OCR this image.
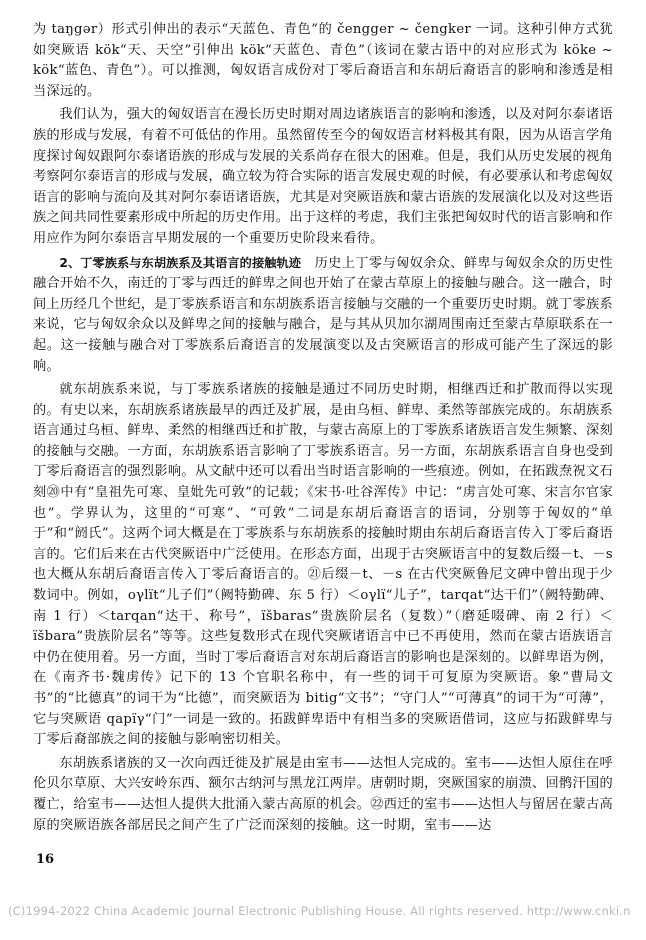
为 taŋgər）形式引伸出的表示“天蓝色、青色”的 čengger ~ čengker 一词。这种引伸方式犹如突厥语 kök“天、天空”引伸出 kök“天蓝色、青色”（该词在蒙古语中的对应形式为 köke ~ kök“蓝色、青色”）。可以推测，匈奴语言成份对丁零后裔语言和东胡后裔语言的影响和渗透是相当深远的。

我们认为，强大的匈奴语言在漫长历史时期对周边诸族语言的影响和渗透，以及对阿尔泰诸语族的形成与发展，有着不可低估的作用。虽然留传至今的匈奴语言材料极其有限，因为从语言学角度探讨匈奴跟阿尔泰诸语族的形成与发展的关系尚存在很大的困难。但是，我们从历史发展的视角考察阿尔泰语言的形成与发展，确立较为符合实际的语言发展史观的时候，有必要承认和考虑匈奴语言的影响与流向及其对阿尔泰语诸语族，尤其是对突厥语族和蒙古语族的发展演化以及对这些语族之间共同性要素形成中所起的历史作用。出于这样的考虑，我们主张把匈奴时代的语言影响和作用应作为阿尔泰语言早期发展的一个重要历史阶段来看待。

2、丁零族系与东胡族系及其语言的接触轨迹　 历史上丁零与匈奴余众、鲜卑与匈奴余众的历史性融合开始不久，南迁的丁零与西迁的鲜卑之间也开始了在蒙古草原上的接触与融合。这一融合，时间上历经几个世纪，是丁零族系语言和东胡族系语言接触与交融的一个重要历史时期。就丁零族系来说，它与匈奴余众以及鲜卑之间的接触与融合，是与其从贝加尔湖周围南迁至蒙古草原联系在一起。这一接触与融合对丁零族系后裔语言的发展演变以及古突厥语言的形成可能产生了深远的影响。

就东胡族系来说，与丁零族系诸族的接触是通过不同历史时期，相继西迁和扩散而得以实现的。有史以来，东胡族系诸族最早的西迁及扩展，是由乌桓、鲜卑、柔然等部族完成的。东胡族系语言通过乌桓、鲜卑、柔然的相继西迁和扩散，与蒙古高原上的丁零族系诸族语言发生频繁、深刻的接触与交融。一方面，东胡族系语言影响了丁零族系语言。另一方面，东胡族系语言自身也受到丁零后裔语言的强烈影响。从文献中还可以看出当时语言影响的一些痕迹。例如，在拓跋焘祝文石刻⑳中有“皇祖先可寒、皇妣先可敦”的记载；《宋书·吐谷浑传》中记：“虏言处可寒、宋言尔官家也”。学界认为，这里的“可寒”、“可敦”二词是东胡后裔语言的语词，分别等于匈奴的“单于”和“阏氏”。这两个词大概是在丁零族系与东胡族系的接触时期由东胡后裔语言传入丁零后裔语言的。它们后来在古代突厥语中广泛使用。在形态方面，出现于古突厥语言中的复数后缀－t、－s 也大概从东胡后裔语言传入丁零后裔语言的。㉑后缀－t、－s 在古代突厥鲁尼文碑中曾出现于少数词中。例如，oγlït“儿子们”（阙特勤碑、东 5 行）＜oγlï“儿子”，tarqat“达干们”（阙特勤碑、南 1 行）＜tarqan“达干、称号”，ïšbaras“贵族阶层名（复数）”（磨延啜碑、南 2 行）＜ïšbara“贵族阶层名”等等。这些复数形式在现代突厥诸语言中已不再使用，然而在蒙古语族语言中仍在使用着。另一方面，当时丁零后裔语言对东胡后裔语言的影响也是深刻的。以鲜卑语为例，在《南齐书·魏虏传》记下的 13 个官职名称中，有一些的词干可复原为突厥语。象“曹局文书”的“比德真”的词干为“比德”，而突厥语为 bitig“文书”；“守门人”“可薄真”的词干为“可薄”，它与突厥语 qapïγ“门”一词是一致的。拓跋鲜卑语中有相当多的突厥语借词，这应与拓跋鲜卑与丁零后裔部族之间的接触与影响密切相关。

东胡族系诸族的又一次向西迁徙及扩展是由室韦——达怛人完成的。室韦——达怛人原住在呼伦贝尔草原、大兴安岭东西、额尔古纳河与黑龙江两岸。唐朝时期，突厥国家的崩溃、回鹘汗国的覆亡，给室韦——达怛人提供大批涌入蒙古高原的机会。㉒西迁的室韦——达怛人与留居在蒙古高原的突厥语族各部居民之间产生了广泛而深刻的接触。这一时期，室韦——达

16
(C)1994-2022 China Academic Journal Electronic Publishing House. All rights reserved. http://www.cnki.n
